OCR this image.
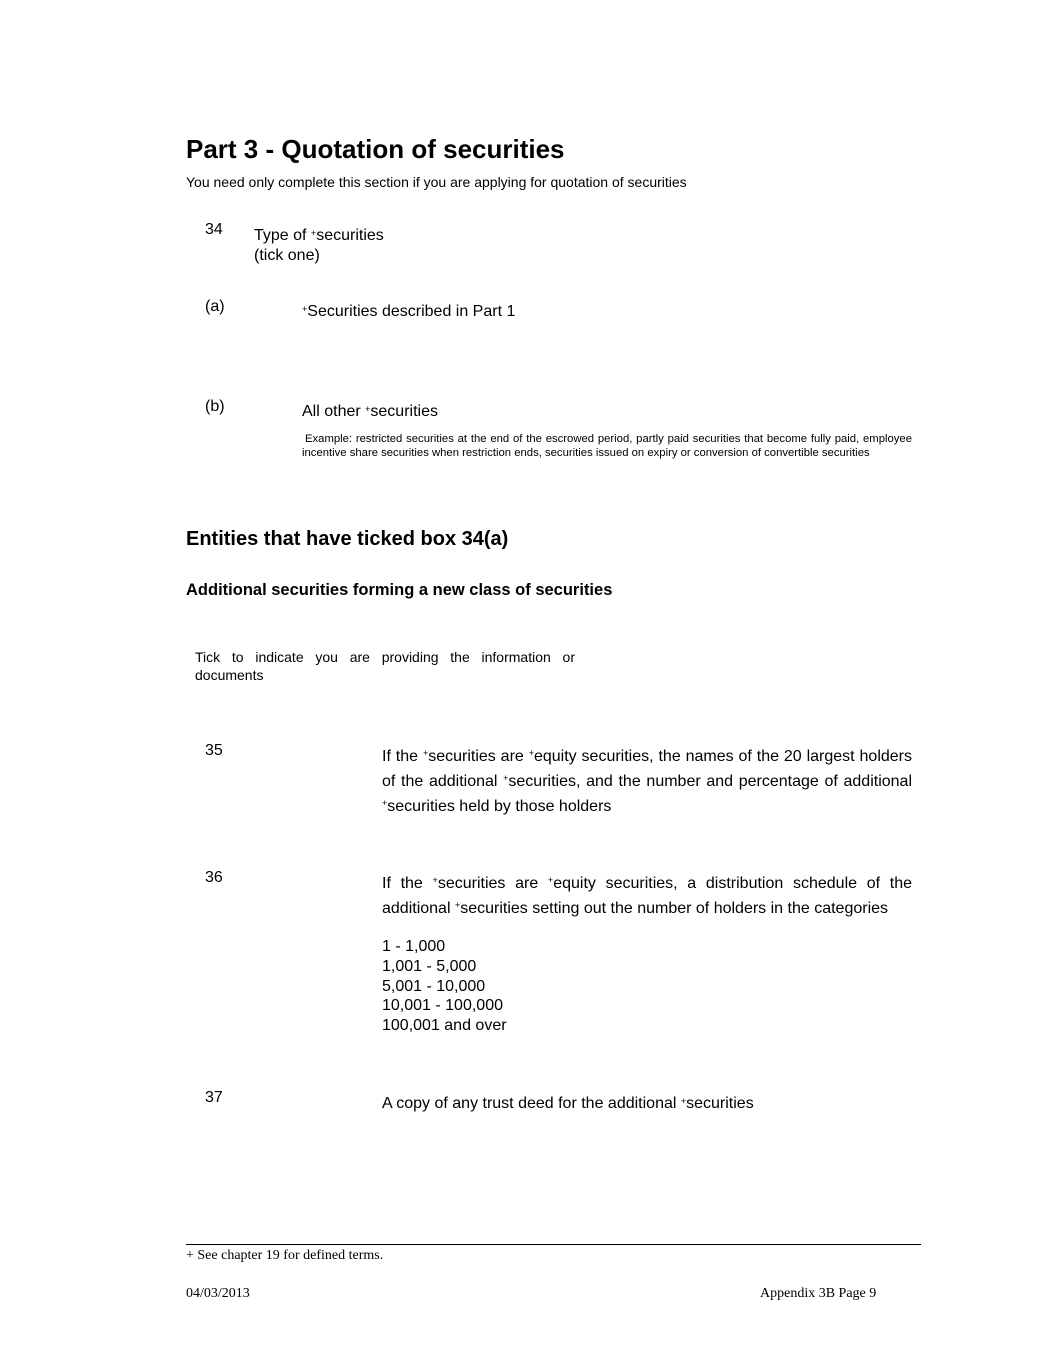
Part 3 - Quotation of securities
You need only complete this section if you are applying for quotation of securities
34 Type of +securities
(tick one)
(a)	+Securities described in Part 1
(b)	All other +securities
Example: restricted securities at the end of the escrowed period, partly paid securities that become fully paid, employee incentive share securities when restriction ends, securities issued on expiry or conversion of convertible securities
Entities that have ticked box 34(a)
Additional securities forming a new class of securities
Tick to indicate you are providing the information or documents
35	If the +securities are +equity securities, the names of the 20 largest holders of the additional +securities, and the number and percentage of additional +securities held by those holders
36	If the +securities are +equity securities, a distribution schedule of the additional +securities setting out the number of holders in the categories
1 - 1,000
1,001 - 5,000
5,001 - 10,000
10,001 - 100,000
100,001 and over
37	A copy of any trust deed for the additional +securities
+ See chapter 19 for defined terms.
04/03/2013	Appendix 3B Page 9
